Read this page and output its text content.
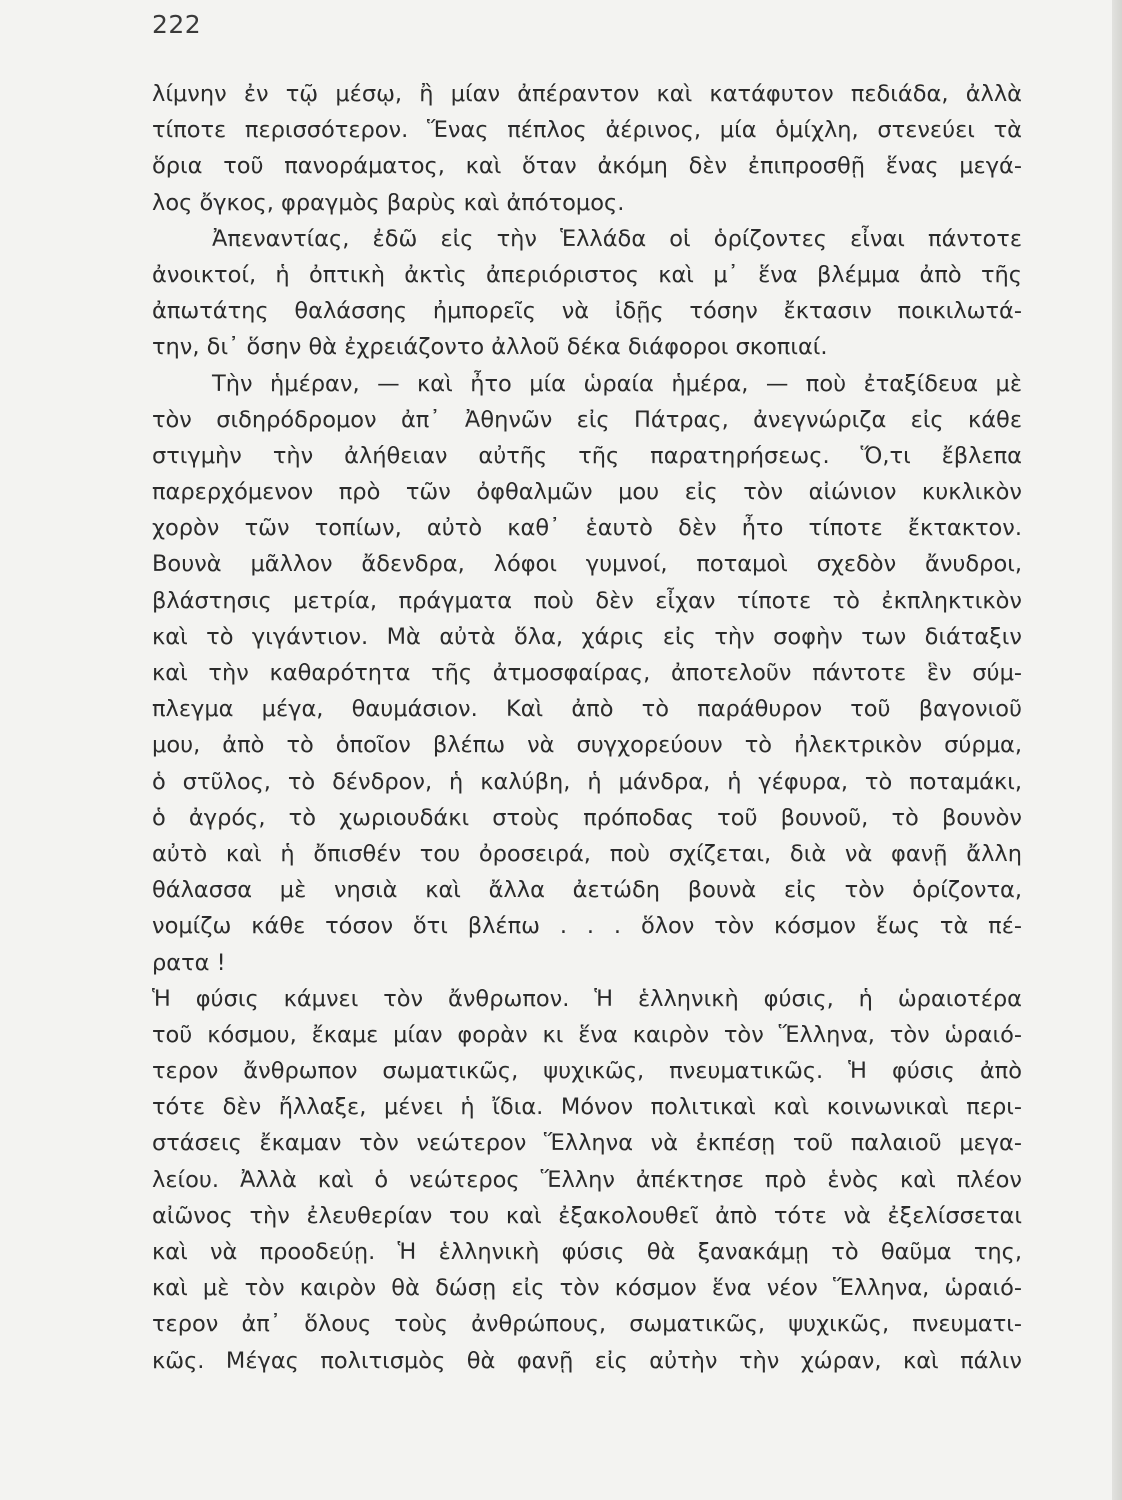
222
λίμνην ἐν τῷ μέσῳ, ἢ μίαν ἀπέραντον καὶ κατάφυτον πεδιάδα, ἀλλὰ
τίποτε περισσότερον. Ἕνας πέπλος ἀέρινος, μία ὁμίχλη, στενεύει τὰ
ὅρια τοῦ πανοράματος, καὶ ὅταν ἀκόμη δὲν ἐπιπροσθῇ ἕνας μεγά-
λος ὄγκος, φραγμὸς βαρὺς καὶ ἀπότομος.
Ἀπεναντίας, ἐδῶ εἰς τὴν Ἑλλάδα οἱ ὁρίζοντες εἶναι πάντοτε
ἀνοικτοί, ἡ ὀπτικὴ ἀκτὶς ἀπεριόριστος καὶ μ᾿ ἕνα βλέμμα ἀπὸ τῆς
ἀπωτάτης θαλάσσης ἠμπορεῖς νὰ ἰδῇς τόσην ἔκτασιν ποικιλωτά-
την, δι᾿ ὅσην θὰ ἐχρειάζοντο ἀλλοῦ δέκα διάφοροι σκοπιαί.
Τὴν ἡμέραν, — καὶ ἦτο μία ὡραία ἡμέρα, — ποὺ ἐταξίδευα μὲ
τὸν σιδηρόδρομον ἀπ᾿ Ἀθηνῶν εἰς Πάτρας, ἀνεγνώριζα εἰς κάθε
στιγμὴν τὴν ἀλήθειαν αὐτῆς τῆς παρατηρήσεως. Ὅ,τι ἔβλεπα
παρερχόμενον πρὸ τῶν ὀφθαλμῶν μου εἰς τὸν αἰώνιον κυκλικὸν
χορὸν τῶν τοπίων, αὐτὸ καθ᾿ ἑαυτὸ δὲν ἦτο τίποτε ἔκτακτον.
Βουνὰ μᾶλλον ἄδενδρα, λόφοι γυμνοί, ποταμοὶ σχεδὸν ἄνυδροι,
βλάστησις μετρία, πράγματα ποὺ δὲν εἶχαν τίποτε τὸ ἐκπληκτικὸν
καὶ τὸ γιγάντιον. Μὰ αὐτὰ ὅλα, χάρις εἰς τὴν σοφὴν των διάταξιν
καὶ τὴν καθαρότητα τῆς ἀτμοσφαίρας, ἀποτελοῦν πάντοτε ἓν σύμ-
πλεγμα μέγα, θαυμάσιον. Καὶ ἀπὸ τὸ παράθυρον τοῦ βαγονιοῦ
μου, ἀπὸ τὸ ὁποῖον βλέπω νὰ συγχορεύουν τὸ ἠλεκτρικὸν σύρμα,
ὁ στῦλος, τὸ δένδρον, ἡ καλύβη, ἡ μάνδρα, ἡ γέφυρα, τὸ ποταμάκι,
ὁ ἀγρός, τὸ χωριουδάκι στοὺς πρόποδας τοῦ βουνοῦ, τὸ βουνὸν
αὐτὸ καὶ ἡ ὄπισθέν του ὀροσειρά, ποὺ σχίζεται, διὰ νὰ φανῇ ἄλλη
θάλασσα μὲ νησιὰ καὶ ἄλλα ἀετώδη βουνὰ εἰς τὸν ὁρίζοντα,
νομίζω κάθε τόσον ὅτι βλέπω . . . ὅλον τὸν κόσμον ἕως τὰ πέ-
ρατα !
Ἡ φύσις κάμνει τὸν ἄνθρωπον. Ἡ ἑλληνικὴ φύσις, ἡ ὡραιοτέρα
τοῦ κόσμου, ἔκαμε μίαν φορὰν κι ἕνα καιρὸν τὸν Ἕλληνα, τὸν ὡραιό-
τερον ἄνθρωπον σωματικῶς, ψυχικῶς, πνευματικῶς. Ἡ φύσις ἀπὸ
τότε δὲν ἤλλαξε, μένει ἡ ἴδια. Μόνον πολιτικαὶ καὶ κοινωνικαὶ περι-
στάσεις ἔκαμαν τὸν νεώτερον Ἕλληνα νὰ ἐκπέσῃ τοῦ παλαιοῦ μεγα-
λείου. Ἀλλὰ καὶ ὁ νεώτερος Ἕλλην ἀπέκτησε πρὸ ἑνὸς καὶ πλέον
αἰῶνος τὴν ἐλευθερίαν του καὶ ἐξακολουθεῖ ἀπὸ τότε νὰ ἐξελίσσεται
καὶ νὰ προοδεύῃ. Ἡ ἑλληνικὴ φύσις θὰ ξανακάμῃ τὸ θαῦμα της,
καὶ μὲ τὸν καιρὸν θὰ δώσῃ εἰς τὸν κόσμον ἕνα νέον Ἕλληνα, ὡραιό-
τερον ἀπ᾿ ὅλους τοὺς ἀνθρώπους, σωματικῶς, ψυχικῶς, πνευματι-
κῶς. Μέγας πολιτισμὸς θὰ φανῇ εἰς αὐτὴν τὴν χώραν, καὶ πάλιν
